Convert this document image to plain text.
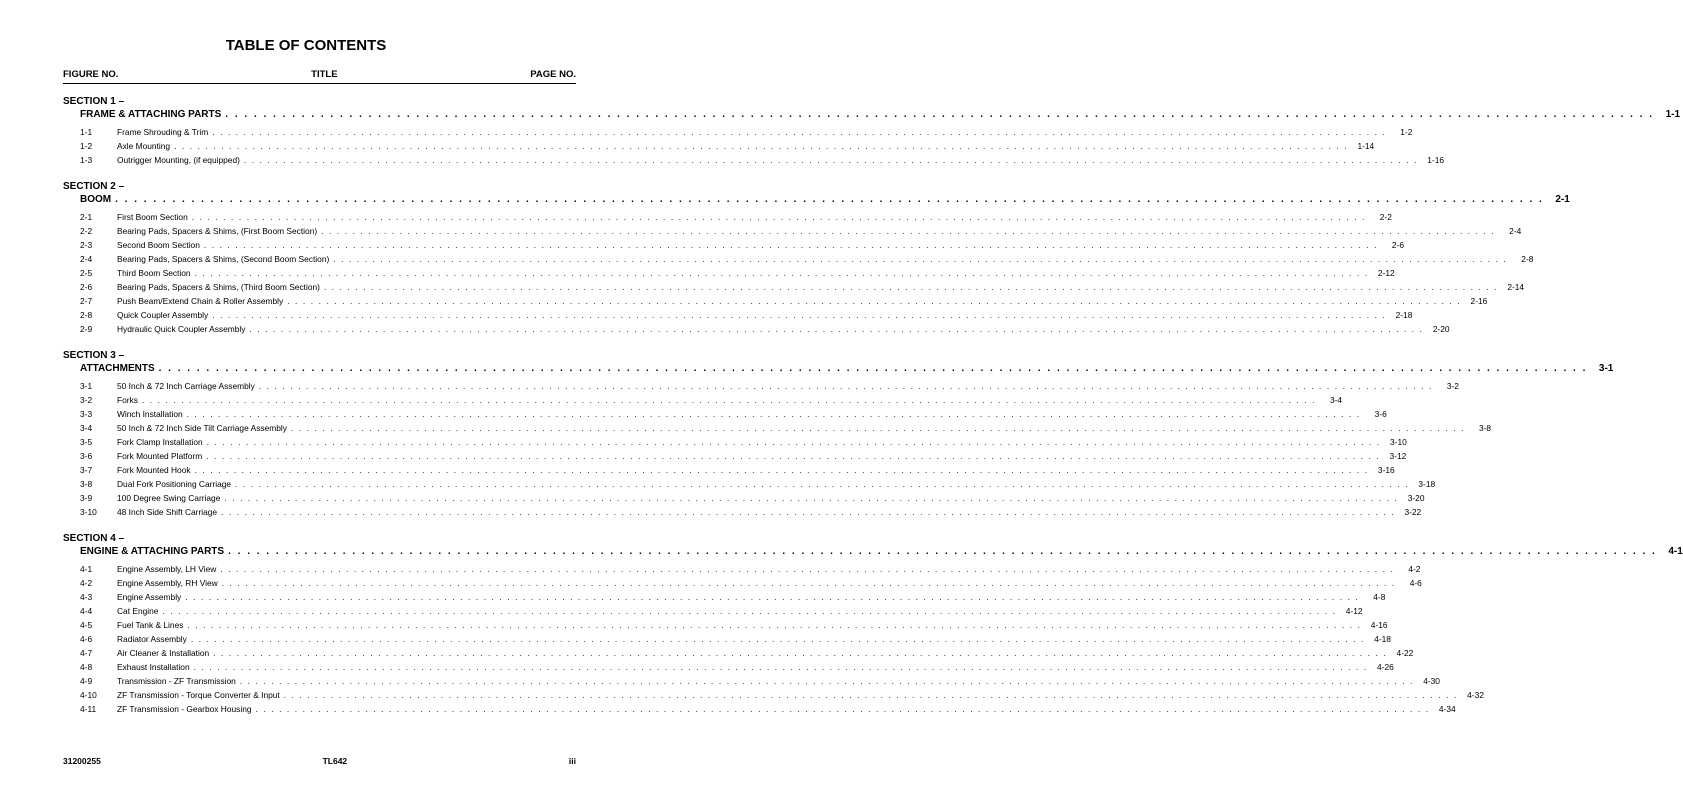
TABLE OF CONTENTS
FIGURE NO.	TITLE	PAGE NO.
SECTION 1 –
FRAME & ATTACHING PARTS . . . . . . . . . . . . . . . . . . . . . . . . . . . . . . . . . . . . . . . . . . . . . . . . . . . . . . . . . . . . . . . . . . . . . . . . . . . . . . . . . . . . . . . . . . . . . . . . . . . . . . . . . . . . . . . . . . . . . . . . . . . . . . . . . . . . . . . . . . . . . . . . . . . . . .	1-1
1-1	Frame Shrouding & Trim . . . . . . . . . . . . . . . . . . . . . . . . . . . . . . . . . . . . . . . . . . . . . . . . . . . . . . . . . . . . . . . . . . . . . . . . . . . . . . . . . . . . . . . . . . . . . . . . . . . . . . . . . . . . . . . . . . . . . . . . . . . . . . . . . . . . . . . . . . . . . . . . . . . . . .	1-2
1-2	Axle Mounting . . . . . . . . . . . . . . . . . . . . . . . . . . . . . . . . . . . . . . . . . . . . . . . . . . . . . . . . . . . . . . . . . . . . . . . . . . . . . . . . . . . . . . . . . . . . . . . . . . . . . . . . . . . . . . . . . . . . . . . . . . . . . . . . . . . . . . . . . . . . . . . . . . . . . .	1-14
1-3	Outrigger Mounting, (if equipped) . . . . . . . . . . . . . . . . . . . . . . . . . . . . . . . . . . . . . . . . . . . . . . . . . . . . . . . . . . . . . . . . . . . . . . . . . . . . . . . . . . . . . . . . . . . . . . . . . . . . . . . . . . . . . . . . . . . . . . . . . . . . . . . . . . . . . . . . . . . . . . . . . . . . . .	1-16
SECTION 2 –
BOOM . . . . . . . . . . . . . . . . . . . . . . . . . . . . . . . . . . . . . . . . . . . . . . . . . . . . . . . . . . . . . . . . . . . . . . . . . . . . . . . . . . . . . . . . . . . . . . . . . . . . . . . . . . . . . . . . . . . . . . . . . . . . . . . . . . . . . . . . . . . . . . . . . . . . . .	2-1
2-1	First Boom Section . . . . . . . . . . . . . . . . . . . . . . . . . . . . . . . . . . . . . . . . . . . . . . . . . . . . . . . . . . . . . . . . . . . . . . . . . . . . . . . . . . . . . . . . . . . . . . . . . . . . . . . . . . . . . . . . . . . . . . . . . . . . . . . . . . . . . . . . . . . . . . . . . . . . . .	2-2
2-2	Bearing Pads, Spacers & Shims, (First Boom Section) . . . . . . . . . . . . . . . . . . . . . . . . . . . . . . . . . . . . . . . . . . . . . . . . . . . . . . . . . . . . . . . . . . . . . . . . . . . . . . . . . . . . . . . . . . . . . . . . . . . . . . . . . . . . . . . . . . . . . . . . . . . . . . . . . . . . . . . . . . . . . . . . . . . . . .	2-4
2-3	Second Boom Section . . . . . . . . . . . . . . . . . . . . . . . . . . . . . . . . . . . . . . . . . . . . . . . . . . . . . . . . . . . . . . . . . . . . . . . . . . . . . . . . . . . . . . . . . . . . . . . . . . . . . . . . . . . . . . . . . . . . . . . . . . . . . . . . . . . . . . . . . . . . . . . . . . . . . .	2-6
2-4	Bearing Pads, Spacers & Shims, (Second Boom Section) . . . . . . . . . . . . . . . . . . . . . . . . . . . . . . . . . . . . . . . . . . . . . . . . . . . . . . . . . . . . . . . . . . . . . . . . . . . . . . . . . . . . . . . . . . . . . . . . . . . . . . . . . . . . . . . . . . . . . . . . . . . . . . . . . . . . . . . . . . . . . . . . . . . . . .	2-8
2-5	Third Boom Section . . . . . . . . . . . . . . . . . . . . . . . . . . . . . . . . . . . . . . . . . . . . . . . . . . . . . . . . . . . . . . . . . . . . . . . . . . . . . . . . . . . . . . . . . . . . . . . . . . . . . . . . . . . . . . . . . . . . . . . . . . . . . . . . . . . . . . . . . . . . . . . . . . . . . .	2-12
2-6	Bearing Pads, Spacers & Shims, (Third Boom Section) . . . . . . . . . . . . . . . . . . . . . . . . . . . . . . . . . . . . . . . . . . . . . . . . . . . . . . . . . . . . . . . . . . . . . . . . . . . . . . . . . . . . . . . . . . . . . . . . . . . . . . . . . . . . . . . . . . . . . . . . . . . . . . . . . . . . . . . . . . . . . . . . . . . . . .	2-14
2-7	Push Beam/Extend Chain & Roller Assembly . . . . . . . . . . . . . . . . . . . . . . . . . . . . . . . . . . . . . . . . . . . . . . . . . . . . . . . . . . . . . . . . . . . . . . . . . . . . . . . . . . . . . . . . . . . . . . . . . . . . . . . . . . . . . . . . . . . . . . . . . . . . . . . . . . . . . . . . . . . . . . . . . . . . . .	2-16
2-8	Quick Coupler Assembly . . . . . . . . . . . . . . . . . . . . . . . . . . . . . . . . . . . . . . . . . . . . . . . . . . . . . . . . . . . . . . . . . . . . . . . . . . . . . . . . . . . . . . . . . . . . . . . . . . . . . . . . . . . . . . . . . . . . . . . . . . . . . . . . . . . . . . . . . . . . . . . . . . . . . .	2-18
2-9	Hydraulic Quick Coupler Assembly . . . . . . . . . . . . . . . . . . . . . . . . . . . . . . . . . . . . . . . . . . . . . . . . . . . . . . . . . . . . . . . . . . . . . . . . . . . . . . . . . . . . . . . . . . . . . . . . . . . . . . . . . . . . . . . . . . . . . . . . . . . . . . . . . . . . . . . . . . . . . . . . . . . . . .	2-20
SECTION 3 –
ATTACHMENTS . . . . . . . . . . . . . . . . . . . . . . . . . . . . . . . . . . . . . . . . . . . . . . . . . . . . . . . . . . . . . . . . . . . . . . . . . . . . . . . . . . . . . . . . . . . . . . . . . . . . . . . . . . . . . . . . . . . . . . . . . . . . . . . . . . . . . . . . . . . . . . . . . . . . . .	3-1
3-1	50 Inch & 72 Inch Carriage Assembly . . . . . . . . . . . . . . . . . . . . . . . . . . . . . . . . . . . . . . . . . . . . . . . . . . . . . . . . . . . . . . . . . . . . . . . . . . . . . . . . . . . . . . . . . . . . . . . . . . . . . . . . . . . . . . . . . . . . . . . . . . . . . . . . . . . . . . . . . . . . . . . . . . . . . .	3-2
3-2	Forks . . . . . . . . . . . . . . . . . . . . . . . . . . . . . . . . . . . . . . . . . . . . . . . . . . . . . . . . . . . . . . . . . . . . . . . . . . . . . . . . . . . . . . . . . . . . . . . . . . . . . . . . . . . . . . . . . . . . . . . . . . . . . . . . . . . . . . . . . . . . . . . . . . . . . .	3-4
3-3	Winch Installation . . . . . . . . . . . . . . . . . . . . . . . . . . . . . . . . . . . . . . . . . . . . . . . . . . . . . . . . . . . . . . . . . . . . . . . . . . . . . . . . . . . . . . . . . . . . . . . . . . . . . . . . . . . . . . . . . . . . . . . . . . . . . . . . . . . . . . . . . . . . . . . . . . . . . .	3-6
3-4	50 Inch & 72 Inch Side Tilt Carriage Assembly . . . . . . . . . . . . . . . . . . . . . . . . . . . . . . . . . . . . . . . . . . . . . . . . . . . . . . . . . . . . . . . . . . . . . . . . . . . . . . . . . . . . . . . . . . . . . . . . . . . . . . . . . . . . . . . . . . . . . . . . . . . . . . . . . . . . . . . . . . . . . . . . . . . . . .	3-8
3-5	Fork Clamp Installation . . . . . . . . . . . . . . . . . . . . . . . . . . . . . . . . . . . . . . . . . . . . . . . . . . . . . . . . . . . . . . . . . . . . . . . . . . . . . . . . . . . . . . . . . . . . . . . . . . . . . . . . . . . . . . . . . . . . . . . . . . . . . . . . . . . . . . . . . . . . . . . . . . . . . .	3-10
3-6	Fork Mounted Platform . . . . . . . . . . . . . . . . . . . . . . . . . . . . . . . . . . . . . . . . . . . . . . . . . . . . . . . . . . . . . . . . . . . . . . . . . . . . . . . . . . . . . . . . . . . . . . . . . . . . . . . . . . . . . . . . . . . . . . . . . . . . . . . . . . . . . . . . . . . . . . . . . . . . . .	3-12
3-7	Fork Mounted Hook . . . . . . . . . . . . . . . . . . . . . . . . . . . . . . . . . . . . . . . . . . . . . . . . . . . . . . . . . . . . . . . . . . . . . . . . . . . . . . . . . . . . . . . . . . . . . . . . . . . . . . . . . . . . . . . . . . . . . . . . . . . . . . . . . . . . . . . . . . . . . . . . . . . . . .	3-16
3-8	Dual Fork Positioning Carriage . . . . . . . . . . . . . . . . . . . . . . . . . . . . . . . . . . . . . . . . . . . . . . . . . . . . . . . . . . . . . . . . . . . . . . . . . . . . . . . . . . . . . . . . . . . . . . . . . . . . . . . . . . . . . . . . . . . . . . . . . . . . . . . . . . . . . . . . . . . . . . . . . . . . . .	3-18
3-9	100 Degree Swing Carriage . . . . . . . . . . . . . . . . . . . . . . . . . . . . . . . . . . . . . . . . . . . . . . . . . . . . . . . . . . . . . . . . . . . . . . . . . . . . . . . . . . . . . . . . . . . . . . . . . . . . . . . . . . . . . . . . . . . . . . . . . . . . . . . . . . . . . . . . . . . . . . . . . . . . . .	3-20
3-10	48 Inch Side Shift Carriage . . . . . . . . . . . . . . . . . . . . . . . . . . . . . . . . . . . . . . . . . . . . . . . . . . . . . . . . . . . . . . . . . . . . . . . . . . . . . . . . . . . . . . . . . . . . . . . . . . . . . . . . . . . . . . . . . . . . . . . . . . . . . . . . . . . . . . . . . . . . . . . . . . . . . .	3-22
SECTION 4 –
ENGINE & ATTACHING PARTS . . . . . . . . . . . . . . . . . . . . . . . . . . . . . . . . . . . . . . . . . . . . . . . . . . . . . . . . . . . . . . . . . . . . . . . . . . . . . . . . . . . . . . . . . . . . . . . . . . . . . . . . . . . . . . . . . . . . . . . . . . . . . . . . . . . . . . . . . . . . . . . . . . . . . .	4-1
4-1	Engine Assembly, LH View . . . . . . . . . . . . . . . . . . . . . . . . . . . . . . . . . . . . . . . . . . . . . . . . . . . . . . . . . . . . . . . . . . . . . . . . . . . . . . . . . . . . . . . . . . . . . . . . . . . . . . . . . . . . . . . . . . . . . . . . . . . . . . . . . . . . . . . . . . . . . . . . . . . . . .	4-2
4-2	Engine Assembly, RH View . . . . . . . . . . . . . . . . . . . . . . . . . . . . . . . . . . . . . . . . . . . . . . . . . . . . . . . . . . . . . . . . . . . . . . . . . . . . . . . . . . . . . . . . . . . . . . . . . . . . . . . . . . . . . . . . . . . . . . . . . . . . . . . . . . . . . . . . . . . . . . . . . . . . . .	4-6
4-3	Engine Assembly . . . . . . . . . . . . . . . . . . . . . . . . . . . . . . . . . . . . . . . . . . . . . . . . . . . . . . . . . . . . . . . . . . . . . . . . . . . . . . . . . . . . . . . . . . . . . . . . . . . . . . . . . . . . . . . . . . . . . . . . . . . . . . . . . . . . . . . . . . . . . . . . . . . . . .	4-8
4-4	Cat Engine . . . . . . . . . . . . . . . . . . . . . . . . . . . . . . . . . . . . . . . . . . . . . . . . . . . . . . . . . . . . . . . . . . . . . . . . . . . . . . . . . . . . . . . . . . . . . . . . . . . . . . . . . . . . . . . . . . . . . . . . . . . . . . . . . . . . . . . . . . . . . . . . . . . . . .	4-12
4-5	Fuel Tank & Lines . . . . . . . . . . . . . . . . . . . . . . . . . . . . . . . . . . . . . . . . . . . . . . . . . . . . . . . . . . . . . . . . . . . . . . . . . . . . . . . . . . . . . . . . . . . . . . . . . . . . . . . . . . . . . . . . . . . . . . . . . . . . . . . . . . . . . . . . . . . . . . . . . . . . . .	4-16
4-6	Radiator Assembly . . . . . . . . . . . . . . . . . . . . . . . . . . . . . . . . . . . . . . . . . . . . . . . . . . . . . . . . . . . . . . . . . . . . . . . . . . . . . . . . . . . . . . . . . . . . . . . . . . . . . . . . . . . . . . . . . . . . . . . . . . . . . . . . . . . . . . . . . . . . . . . . . . . . . .	4-18
4-7	Air Cleaner & Installation . . . . . . . . . . . . . . . . . . . . . . . . . . . . . . . . . . . . . . . . . . . . . . . . . . . . . . . . . . . . . . . . . . . . . . . . . . . . . . . . . . . . . . . . . . . . . . . . . . . . . . . . . . . . . . . . . . . . . . . . . . . . . . . . . . . . . . . . . . . . . . . . . . . . . .	4-22
4-8	Exhaust Installation . . . . . . . . . . . . . . . . . . . . . . . . . . . . . . . . . . . . . . . . . . . . . . . . . . . . . . . . . . . . . . . . . . . . . . . . . . . . . . . . . . . . . . . . . . . . . . . . . . . . . . . . . . . . . . . . . . . . . . . . . . . . . . . . . . . . . . . . . . . . . . . . . . . . . .	4-26
4-9	Transmission - ZF Transmission . . . . . . . . . . . . . . . . . . . . . . . . . . . . . . . . . . . . . . . . . . . . . . . . . . . . . . . . . . . . . . . . . . . . . . . . . . . . . . . . . . . . . . . . . . . . . . . . . . . . . . . . . . . . . . . . . . . . . . . . . . . . . . . . . . . . . . . . . . . . . . . . . . . . . .	4-30
4-10	ZF Transmission - Torque Converter & Input . . . . . . . . . . . . . . . . . . . . . . . . . . . . . . . . . . . . . . . . . . . . . . . . . . . . . . . . . . . . . . . . . . . . . . . . . . . . . . . . . . . . . . . . . . . . . . . . . . . . . . . . . . . . . . . . . . . . . . . . . . . . . . . . . . . . . . . . . . . . . . . . . . . . . .	4-32
4-11	ZF Transmission - Gearbox Housing . . . . . . . . . . . . . . . . . . . . . . . . . . . . . . . . . . . . . . . . . . . . . . . . . . . . . . . . . . . . . . . . . . . . . . . . . . . . . . . . . . . . . . . . . . . . . . . . . . . . . . . . . . . . . . . . . . . . . . . . . . . . . . . . . . . . . . . . . . . . . . . . . . . . . .	4-34
31200255	TL642	iii
